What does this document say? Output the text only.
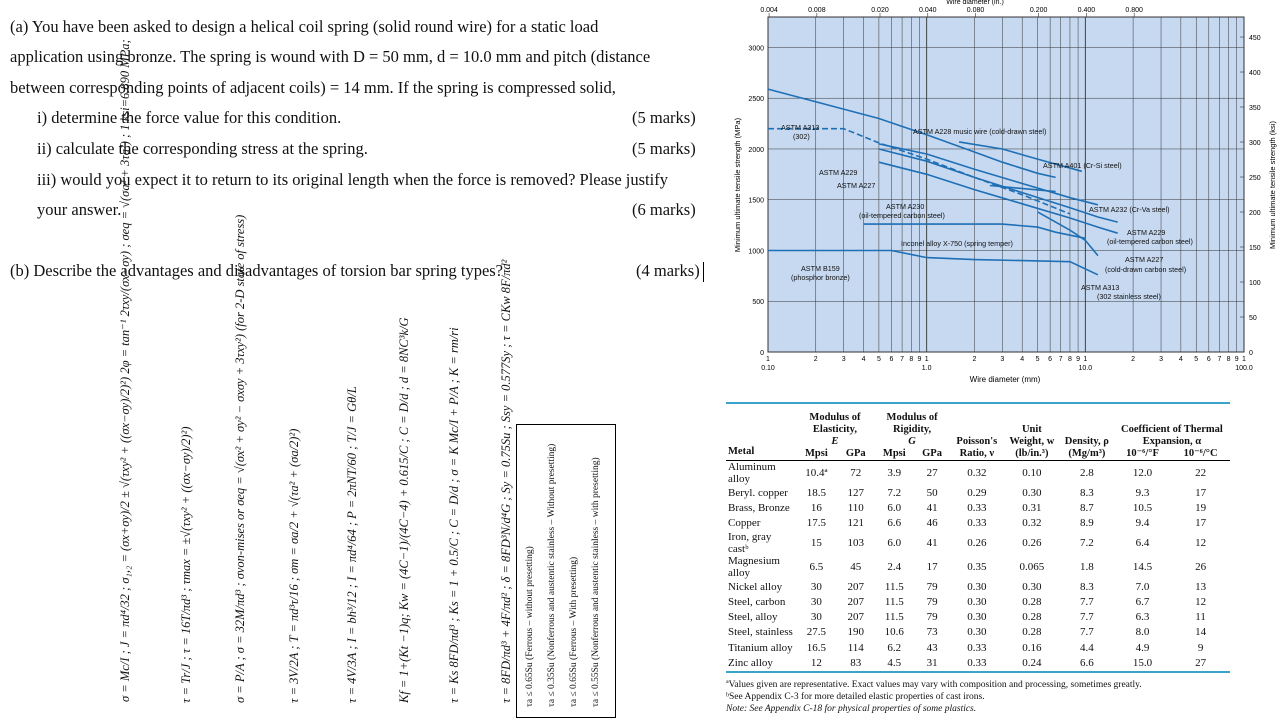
(a) You have been asked to design a helical coil spring (solid round wire) for a static load
application using bronze. The spring is wound with D = 50 mm, d = 10.0 mm and pitch (distance
between corresponding points of adjacent coils) = 14 mm. If the spring is compressed solid,
i) determine the force value for this condition.	(5 marks)
ii) calculate the corresponding stress at the spring.	(5 marks)
iii) would you expect it to return to its original length when the force is removed? Please justify
your answer.	(6 marks)
(b) Describe the advantages and disadvantages of torsion bar spring types?	(4 marks)
σ = Mc/I ; J = πd⁴/32 ; σ₁,₂ = (σx+σy)/2 ± √(τxy² + ((σx−σy)/2)²) 2φ = tan⁻¹ 2τxy/(σx−σy) ; σeq = √(σa² + 3τa²) ; 1 ksi=6.890 MPa;	τ = Tr/J ; τ = 16T/πd³ ; τmax = ±√(τxy² + ((σx−σy)/2)²)	σ = P/A ; σ = 32M/πd³ ; σvon-mises or σeq = √(σx² + σy² − σxσy + 3τxy²) (for 2-D state of stress)	τ = 3V/2A ; T = πd³τ/16 ; σm = σa/2 + √(τa² + (σa/2)²)	τ = 4V/3A ; I = bh³/12 ; I = πd⁴/64 ; P = 2πNT/60 ; T/J = Gθ/L	Kf = 1+(Kt −1)q; Kw = (4C−1)/(4C−4) + 0.615/C ; C = D/d ; d = 8NC³k/G	τ = Ks 8FD/πd³ ; Ks = 1 + 0.5/C ; C = D/d ; σ = K Mc/I + P/A ; K = rm/ri	τ = 8FD/πd³ + 4F/πd² ; δ = 8FD³N/d⁴G ; Sy = 0.75Su ; Ssy = 0.577Sy ; τ = CKw 8F/πd² τa ≤ 0.65Su (Ferrous – without presetting) τa ≤ 0.35Su (Nonferrous and austentic stainless – Without presetting) τa ≤ 0.65Su (Ferrous – With presetting) τa ≤ 0.55Su (Nonferrous and austentic stainless – with presetting)
1	2	3 4 5 6 7 8 9 1	2	3 4 5 6 7 8 9 1	2	3 4 5 6 7 8 9 1
0.10	1.0	10.0	100.0
0
500
1000
1500
2000
2500
3000
0
50
100
150
200
250
300
350
400
450
0.004	0.008	0.020	0.040	0.080	0.200	0.400	0.800
Wire diameter (in.)
Wire diameter (mm)
Minimum ultimate tensile strength (MPa)	Minimum ultimate tensile strength (ksi)
ASTM A313
(302)
ASTM A228 music wire (cold-drawn steel)
ASTM A229
ASTM A227
ASTM A401 (Cr-Si steel)
ASTM A230
(oil-tempered carbon steel)
ASTM A232 (Cr-Va steel)
ASTM A229
(oil-tempered carbon steel)
Inconel alloy X-750 (spring temper)
ASTM A227
(cold-drawn carbon steel)
ASTM B159
(phosphor bronze)
ASTM A313
(302 stainless steel)
Metal	Modulus of Elasticity,
E		Modulus of Rigidity,
G		Poisson's Ratio, ν	Unit Weight, w (lb/in.³)	Density, ρ (Mg/m³)	Coefficient of Thermal Expansion, α	
	Mpsi	GPa	Mpsi	GPa				10⁻⁶/°F	10⁻⁶/°C
Aluminum alloy	10.4ª	72	3.9	27	0.32	0.10	2.8	12.0	22
Beryl. copper	18.5	127	7.2	50	0.29	0.30	8.3	9.3	17
Brass, Bronze	16	110	6.0	41	0.33	0.31	8.7	10.5	19
Copper	17.5	121	6.6	46	0.33	0.32	8.9	9.4	17
Iron, gray castᵇ	15	103	6.0	41	0.26	0.26	7.2	6.4	12
Magnesium alloy	6.5	45	2.4	17	0.35	0.065	1.8	14.5	26
Nickel alloy	30	207	11.5	79	0.30	0.30	8.3	7.0	13
Steel, carbon	30	207	11.5	79	0.30	0.28	7.7	6.7	12
Steel, alloy	30	207	11.5	79	0.30	0.28	7.7	6.3	11
Steel, stainless	27.5	190	10.6	73	0.30	0.28	7.7	8.0	14
Titanium alloy	16.5	114	6.2	43	0.33	0.16	4.4	4.9	9
Zinc alloy	12	83	4.5	31	0.33	0.24	6.6	15.0	27
ªValues given are representative. Exact values may vary with composition and processing, sometimes greatly.
ᵇSee Appendix C-3 for more detailed elastic properties of cast irons.
Note: See Appendix C-18 for physical properties of some plastics.
